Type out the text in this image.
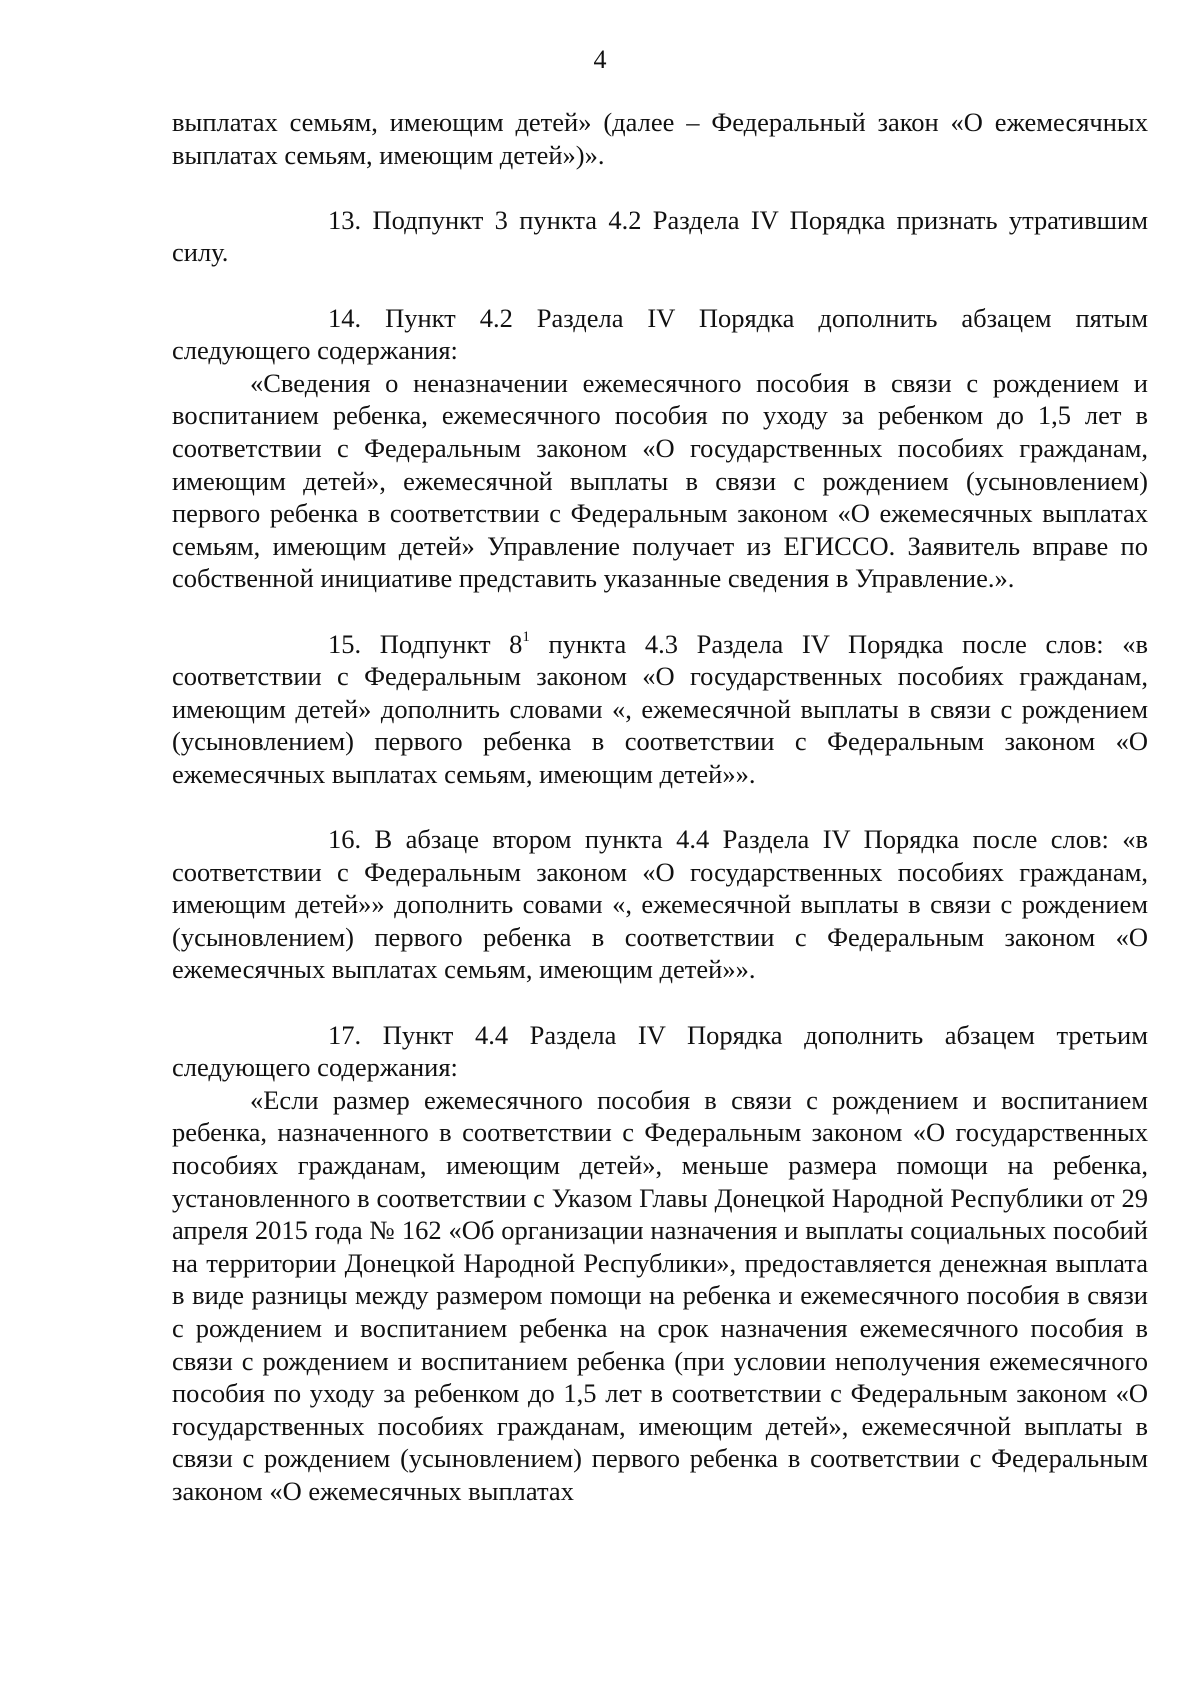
4

выплатах семьям, имеющим детей» (далее – Федеральный закон «О ежемесячных выплатах семьям, имеющим детей»)».

13. Подпункт 3 пункта 4.2 Раздела IV Порядка признать утратившим силу.

14. Пункт 4.2 Раздела IV Порядка дополнить абзацем пятым следующего содержания:

«Сведения о неназначении ежемесячного пособия в связи с рождением и воспитанием ребенка, ежемесячного пособия по уходу за ребенком до 1,5 лет в соответствии с Федеральным законом «О государственных пособиях гражданам, имеющим детей», ежемесячной выплаты в связи с рождением (усыновлением) первого ребенка в соответствии с Федеральным законом «О ежемесячных выплатах семьям, имеющим детей» Управление получает из ЕГИССО. Заявитель вправе по собственной инициативе представить указанные сведения в Управление.».

15. Подпункт $8^1$ пункта 4.3 Раздела IV Порядка после слов: «в соответствии с Федеральным законом «О государственных пособиях гражданам, имеющим детей» дополнить словами «, ежемесячной выплаты в связи с рождением (усыновлением) первого ребенка в соответствии с Федеральным законом «О ежемесячных выплатах семьям, имеющим детей»».

16. В абзаце втором пункта 4.4 Раздела IV Порядка после слов: «в соответствии с Федеральным законом «О государственных пособиях гражданам, имеющим детей»» дополнить совами «, ежемесячной выплаты в связи с рождением (усыновлением) первого ребенка в соответствии с Федеральным законом «О ежемесячных выплатах семьям, имеющим детей»».

17. Пункт 4.4 Раздела IV Порядка дополнить абзацем третьим следующего содержания:

«Если размер ежемесячного пособия в связи с рождением и воспитанием ребенка, назначенного в соответствии с Федеральным законом «О государственных пособиях гражданам, имеющим детей», меньше размера помощи на ребенка, установленного в соответствии с Указом Главы Донецкой Народной Республики от 29 апреля 2015 года № 162 «Об организации назначения и выплаты социальных пособий на территории Донецкой Народной Республики», предоставляется денежная выплата в виде разницы между размером помощи на ребенка и ежемесячного пособия в связи с рождением и воспитанием ребенка на срок назначения ежемесячного пособия в связи с рождением и воспитанием ребенка (при условии неполучения ежемесячного пособия по уходу за ребенком до 1,5 лет в соответствии с Федеральным законом «О государственных пособиях гражданам, имеющим детей», ежемесячной выплаты в связи с рождением (усыновлением) первого ребенка в соответствии с Федеральным законом «О ежемесячных выплатах
